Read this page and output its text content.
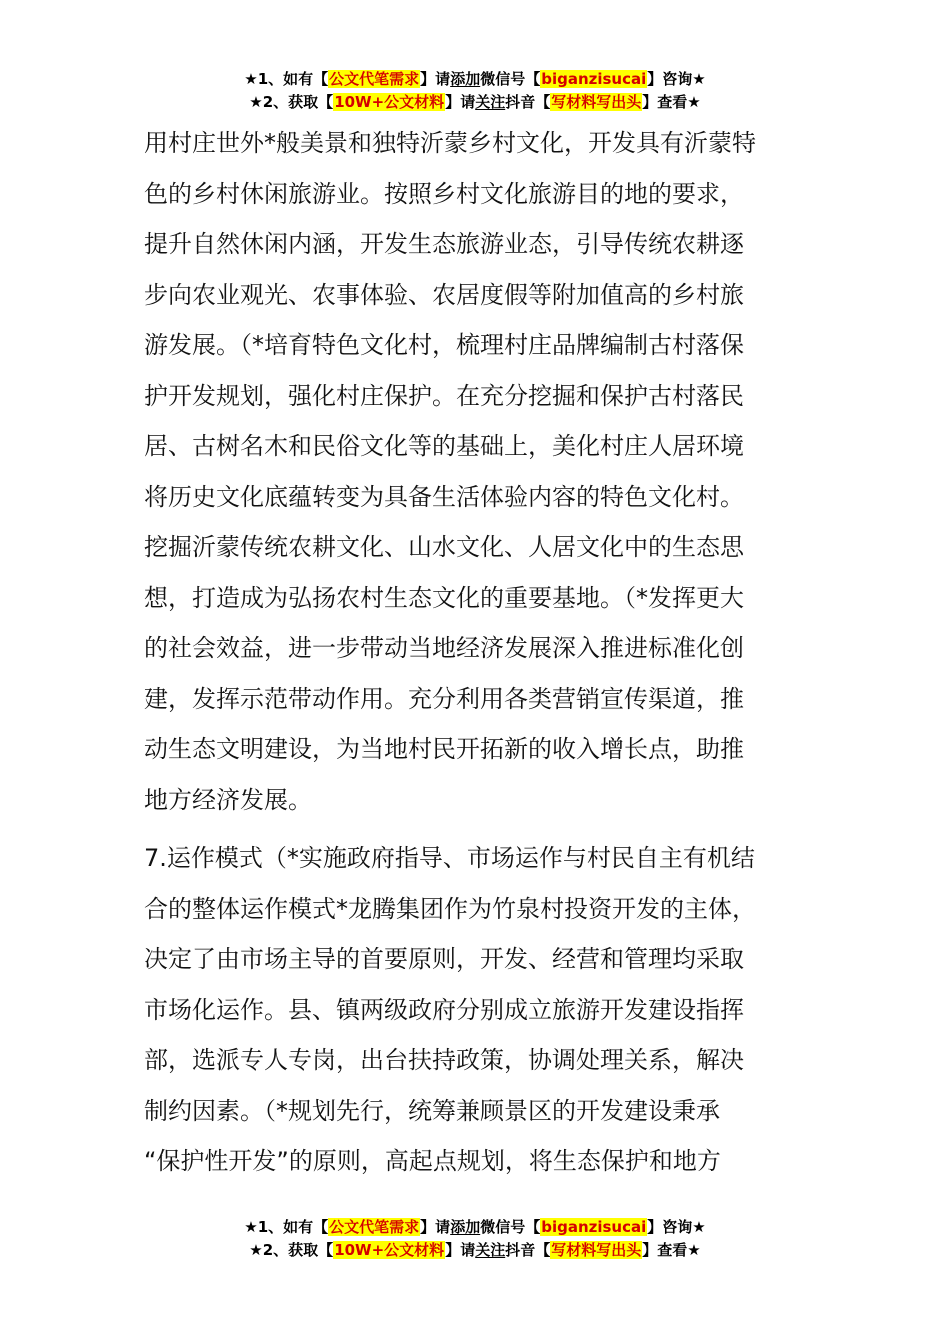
★1、如有【公文代笔需求】请添加微信号【biganzisucai】咨询★
★2、获取【10W+公文材料】请关注抖音【写材料写出头】查看★

用村庄世外*般美景和独特沂蒙乡村文化，开发具有沂蒙特
色的乡村休闲旅游业。按照乡村文化旅游目的地的要求，
提升自然休闲内涵，开发生态旅游业态，引导传统农耕逐
步向农业观光、农事体验、农居度假等附加值高的乡村旅
游发展。（*培育特色文化村，梳理村庄品牌编制古村落保
护开发规划，强化村庄保护。在充分挖掘和保护古村落民
居、古树名木和民俗文化等的基础上，美化村庄人居环境
将历史文化底蕴转变为具备生活体验内容的特色文化村。
挖掘沂蒙传统农耕文化、山水文化、人居文化中的生态思
想，打造成为弘扬农村生态文化的重要基地。（*发挥更大
的社会效益，进一步带动当地经济发展深入推进标准化创
建，发挥示范带动作用。充分利用各类营销宣传渠道，推
动生态文明建设，为当地村民开拓新的收入增长点，助推
地方经济发展。

7.运作模式（*实施政府指导、市场运作与村民自主有机结
合的整体运作模式*龙腾集团作为竹泉村投资开发的主体，
决定了由市场主导的首要原则，开发、经营和管理均采取
市场化运作。县、镇两级政府分别成立旅游开发建设指挥
部，选派专人专岗，出台扶持政策，协调处理关系，解决
制约因素。（*规划先行，统筹兼顾景区的开发建设秉承
“保护性开发”的原则，高起点规划，将生态保护和地方

★1、如有【公文代笔需求】请添加微信号【biganzisucai】咨询★
★2、获取【10W+公文材料】请关注抖音【写材料写出头】查看★
